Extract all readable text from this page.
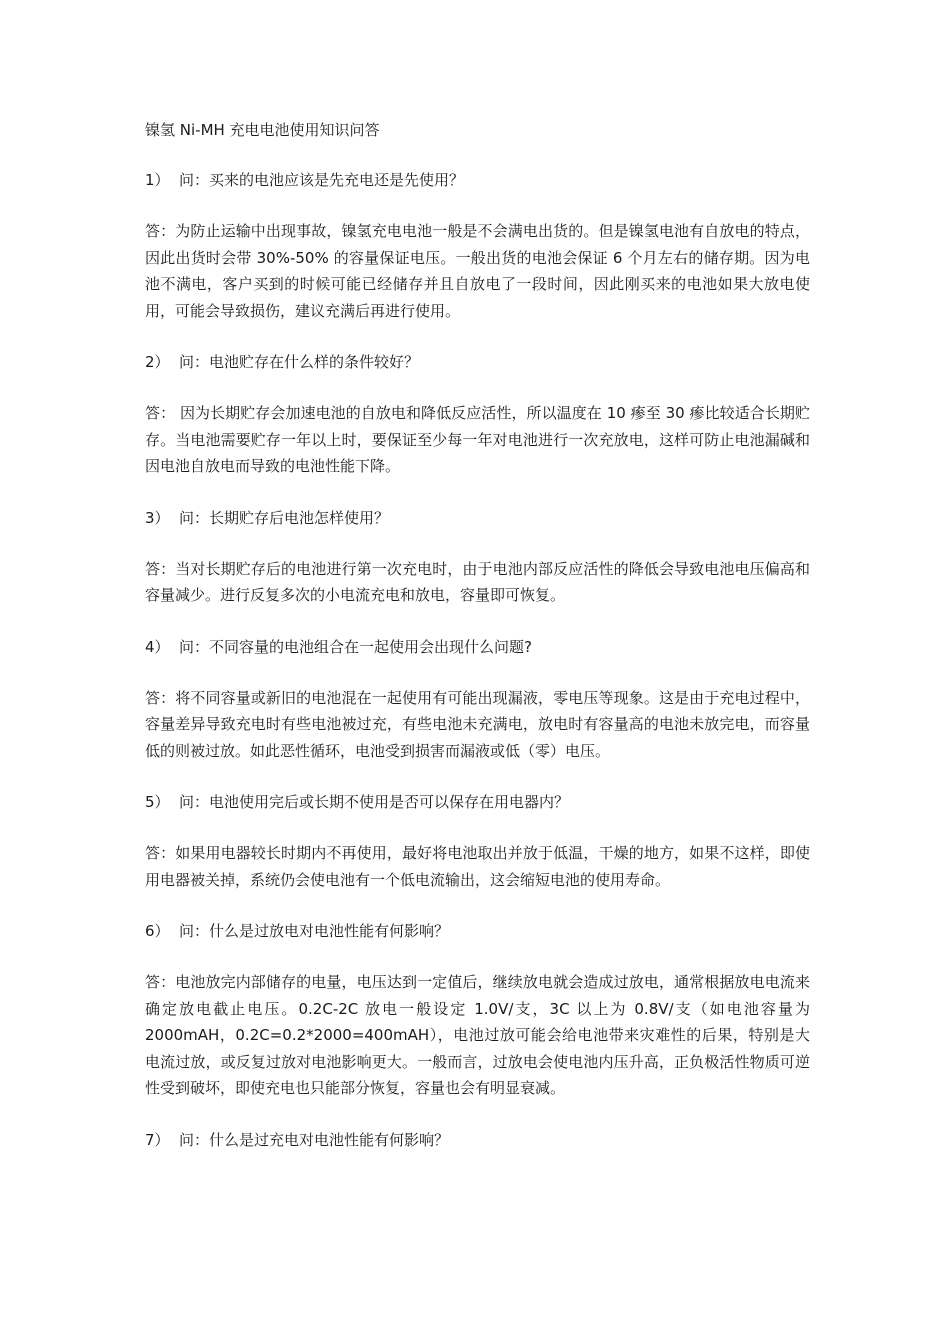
镍氢 Ni-MH 充电电池使用知识问答

1） 问：买来的电池应该是先充电还是先使用？

答：为防止运输中出现事故，镍氢充电电池一般是不会满电出货的。但是镍氢电池有自放电的特点，因此出货时会带 30%-50% 的容量保证电压。一般出货的电池会保证 6 个月左右的储存期。因为电池不满电，客户买到的时候可能已经储存并且自放电了一段时间，因此刚买来的电池如果大放电使用，可能会导致损伤，建议充满后再进行使用。

2） 问：电池贮存在什么样的条件较好？

答： 因为长期贮存会加速电池的自放电和降低反应活性，所以温度在 10 瘆至 30 瘆比较适合长期贮存。当电池需要贮存一年以上时，要保证至少每一年对电池进行一次充放电，这样可防止电池漏碱和因电池自放电而导致的电池性能下降。

3） 问：长期贮存后电池怎样使用？

答：当对长期贮存后的电池进行第一次充电时，由于电池内部反应活性的降低会导致电池电压偏高和容量减少。进行反复多次的小电流充电和放电，容量即可恢复。

4） 问：不同容量的电池组合在一起使用会出现什么问题?

答：将不同容量或新旧的电池混在一起使用有可能出现漏液，零电压等现象。这是由于充电过程中，容量差异导致充电时有些电池被过充，有些电池未充满电，放电时有容量高的电池未放完电，而容量低的则被过放。如此恶性循环，电池受到损害而漏液或低（零）电压。

5） 问：电池使用完后或长期不使用是否可以保存在用电器内？

答：如果用电器较长时期内不再使用，最好将电池取出并放于低温，干燥的地方，如果不这样，即使用电器被关掉，系统仍会使电池有一个低电流输出，这会缩短电池的使用寿命。

6） 问：什么是过放电对电池性能有何影响？

答：电池放完内部储存的电量，电压达到一定值后，继续放电就会造成过放电，通常根据放电电流来确定放电截止电压。0.2C-2C 放电一般设定 1.0V/支，3C 以上为 0.8V/支（如电池容量为 2000mAH，0.2C=0.2*2000=400mAH），电池过放可能会给电池带来灾难性的后果，特别是大电流过放，或反复过放对电池影响更大。一般而言，过放电会使电池内压升高，正负极活性物质可逆性受到破坏，即使充电也只能部分恢复，容量也会有明显衰减。

7） 问：什么是过充电对电池性能有何影响？
